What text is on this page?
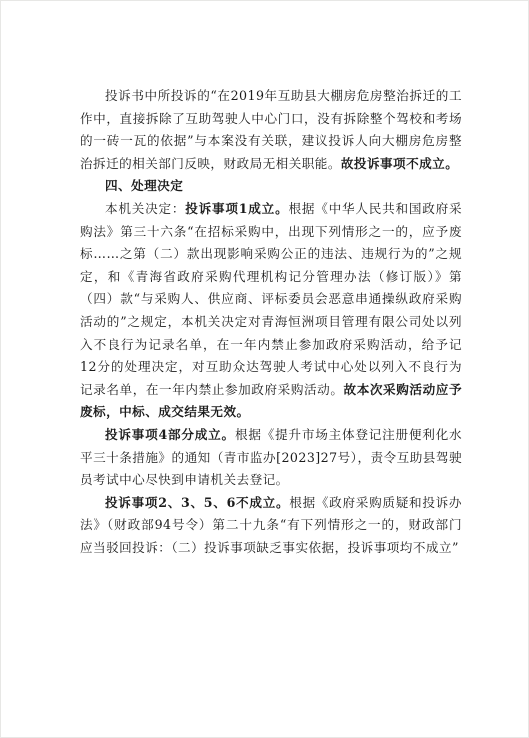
投诉书中所投诉的“在2019年互助县大棚房危房整治拆迁的工作中，直接拆除了互助驾驶人中心门口，没有拆除整个驾校和考场的一砖一瓦的依据”与本案没有关联，建议投诉人向大棚房危房整治拆迁的相关部门反映，财政局无相关职能。故投诉事项不成立。

四、处理决定

本机关决定：投诉事项1成立。根据《中华人民共和国政府采购法》第三十六条“在招标采购中，出现下列情形之一的，应予废标……之第（二）款出现影响采购公正的违法、违规行为的”之规定，和《青海省政府采购代理机构记分管理办法（修订版）》第（四）款“与采购人、供应商、评标委员会恶意串通操纵政府采购活动的”之规定，本机关决定对青海恒洲项目管理有限公司处以列入不良行为记录名单，在一年内禁止参加政府采购活动，给予记12分的处理决定，对互助众达驾驶人考试中心处以列入不良行为记录名单，在一年内禁止参加政府采购活动。故本次采购活动应予废标，中标、成交结果无效。

投诉事项4部分成立。根据《提升市场主体登记注册便利化水平三十条措施》的通知（青市监办[2023]27号），责令互助县驾驶员考试中心尽快到申请机关去登记。

投诉事项2、3、5、6不成立。根据《政府采购质疑和投诉办法》（财政部94号令）第二十九条“有下列情形之一的，财政部门应当驳回投诉：（二）投诉事项缺乏事实依据，投诉事项均不成立”
